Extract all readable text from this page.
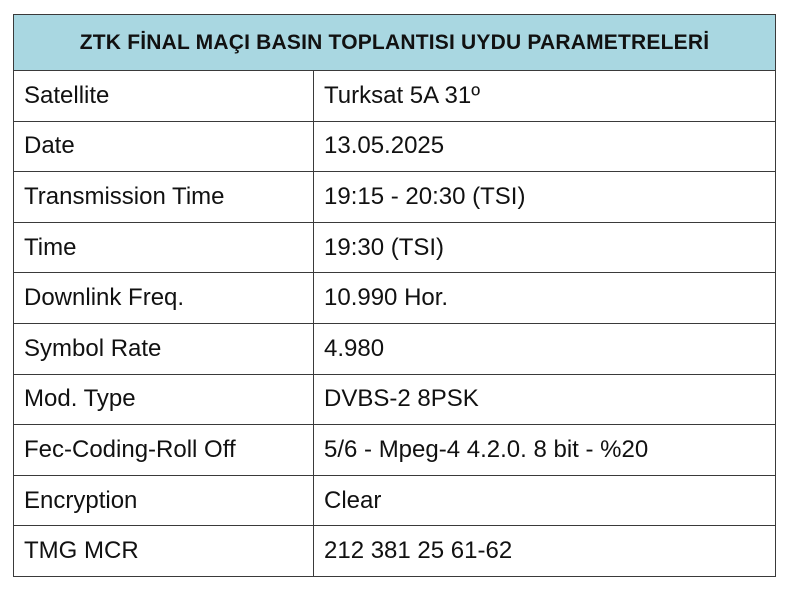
ZTK FİNAL MAÇI BASIN TOPLANTISI UYDU PARAMETRELERİ	
Satellite	Turksat 5A 31º
Date	13.05.2025
Transmission Time	19:15 - 20:30 (TSI)
Time	19:30 (TSI)
Downlink Freq.	10.990 Hor.
Symbol Rate	4.980
Mod. Type	DVBS-2 8PSK
Fec-Coding-Roll Off	5/6 - Mpeg-4 4.2.0. 8 bit - %20
Encryption	Clear
TMG MCR	212 381 25 61-62
